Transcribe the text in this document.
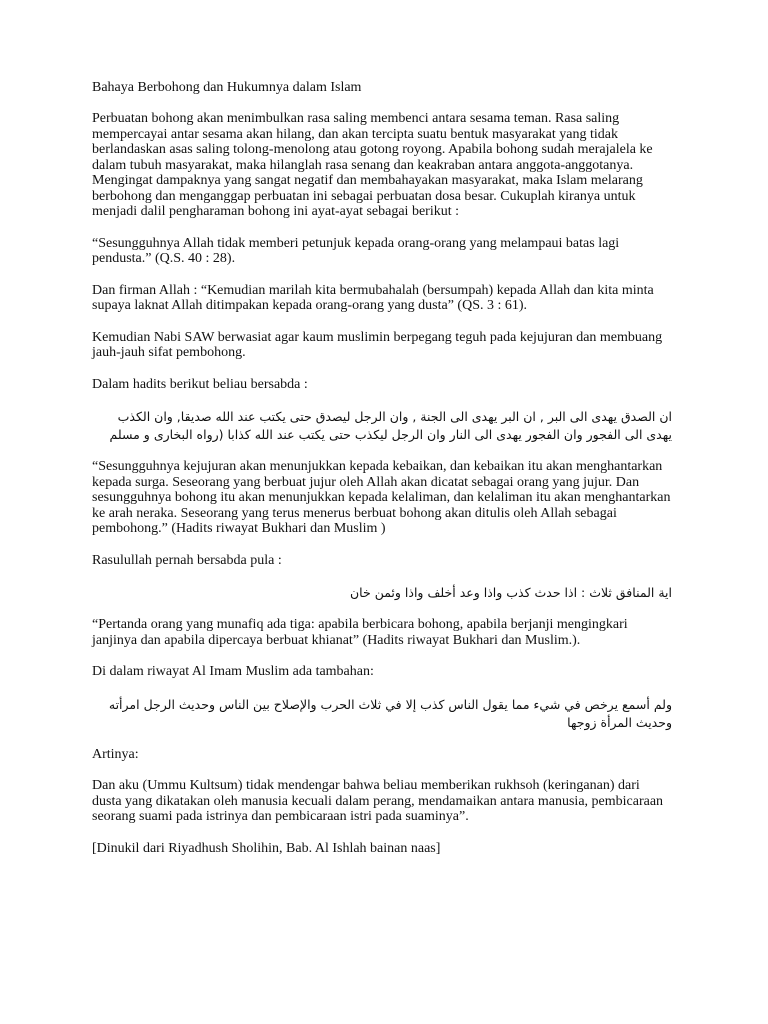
Bahaya Berbohong dan Hukumnya dalam Islam

Perbuatan bohong akan menimbulkan rasa saling membenci antara sesama teman. Rasa saling mempercayai antar sesama akan hilang, dan akan tercipta suatu bentuk masyarakat yang tidak berlandaskan asas saling tolong-menolong atau gotong royong. Apabila bohong sudah merajalela ke dalam tubuh masyarakat, maka hilanglah rasa senang dan keakraban antara anggota-anggotanya. Mengingat dampaknya yang sangat negatif dan membahayakan masyarakat, maka Islam melarang berbohong dan menganggap perbuatan ini sebagai perbuatan dosa besar. Cukuplah kiranya untuk menjadi dalil pengharaman bohong ini ayat-ayat sebagai berikut :

“Sesungguhnya Allah tidak memberi petunjuk kepada orang-orang yang melampaui batas lagi pendusta.” (Q.S. 40 : 28).

Dan firman Allah : “Kemudian marilah kita bermubahalah (bersumpah) kepada Allah dan kita minta supaya laknat Allah ditimpakan kepada orang-orang yang dusta” (QS. 3 : 61).

Kemudian Nabi SAW berwasiat agar kaum muslimin berpegang teguh pada kejujuran dan membuang jauh-jauh sifat pembohong.

Dalam hadits berikut beliau bersabda :

ان الصدق يهدى الى البر , ان البر يهدى الى الجنة , وان الرجل ليصدق حتى يكتب عند الله صديقا, وان الكذب يهدى الى الفجور وان الفجور يهدى الى النار وان الرجل ليكذب حتى يكتب عند الله كذابا (رواه البخارى و مسلم

“Sesungguhnya kejujuran akan menunjukkan kepada kebaikan, dan kebaikan itu akan menghantarkan kepada surga. Seseorang yang berbuat jujur oleh Allah akan dicatat sebagai orang yang jujur. Dan sesungguhnya bohong itu akan menunjukkan kepada kelaliman, dan kelaliman itu akan menghantarkan ke arah neraka. Seseorang yang terus menerus berbuat bohong akan ditulis oleh Allah sebagai pembohong.” (Hadits riwayat Bukhari dan Muslim )

Rasulullah pernah bersabda pula :

اية المنافق ثلاث : اذا حدث كذب واذا وعد أخلف واذا وئمن خان

“Pertanda orang yang munafiq ada tiga: apabila berbicara bohong, apabila berjanji mengingkari janjinya dan apabila dipercaya berbuat khianat” (Hadits riwayat Bukhari dan Muslim.).

Di dalam riwayat Al Imam Muslim ada tambahan:

ولم أسمع يرخص في شيء مما يقول الناس كذب إلا في ثلاث الحرب والإصلاح بين الناس وحديث الرجل امرأته وحديث المرأة زوجها

Artinya:

Dan aku (Ummu Kultsum) tidak mendengar bahwa beliau memberikan rukhsoh (keringanan) dari dusta yang dikatakan oleh manusia kecuali dalam perang, mendamaikan antara manusia, pembicaraan seorang suami pada istrinya dan pembicaraan istri pada suaminya”.

[Dinukil dari Riyadhush Sholihin, Bab. Al Ishlah bainan naas]
